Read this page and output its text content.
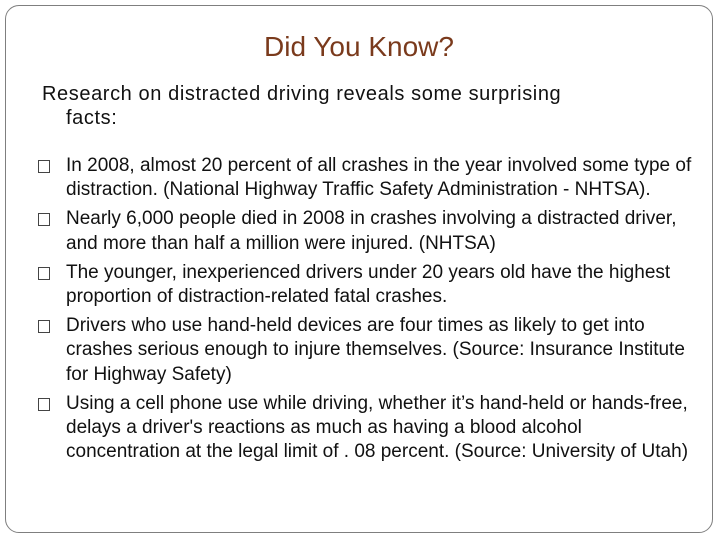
Did You Know?

Research on distracted driving reveals some surprising
facts:

In 2008, almost 20 percent of all crashes in the year involved some type of distraction. (National Highway Traffic Safety Administration - NHTSA).
Nearly 6,000 people died in 2008 in crashes involving a distracted driver, and more than half a million were injured. (NHTSA)
The younger, inexperienced drivers under 20 years old have the highest proportion of distraction-related fatal crashes.
Drivers who use hand-held devices are four times as likely to get into crashes serious enough to injure themselves. (Source: Insurance Institute for Highway Safety)
Using a cell phone use while driving, whether it’s hand-held or hands-free, delays a driver's reactions as much as having a blood alcohol concentration at the legal limit of . 08 percent. (Source: University of Utah)
